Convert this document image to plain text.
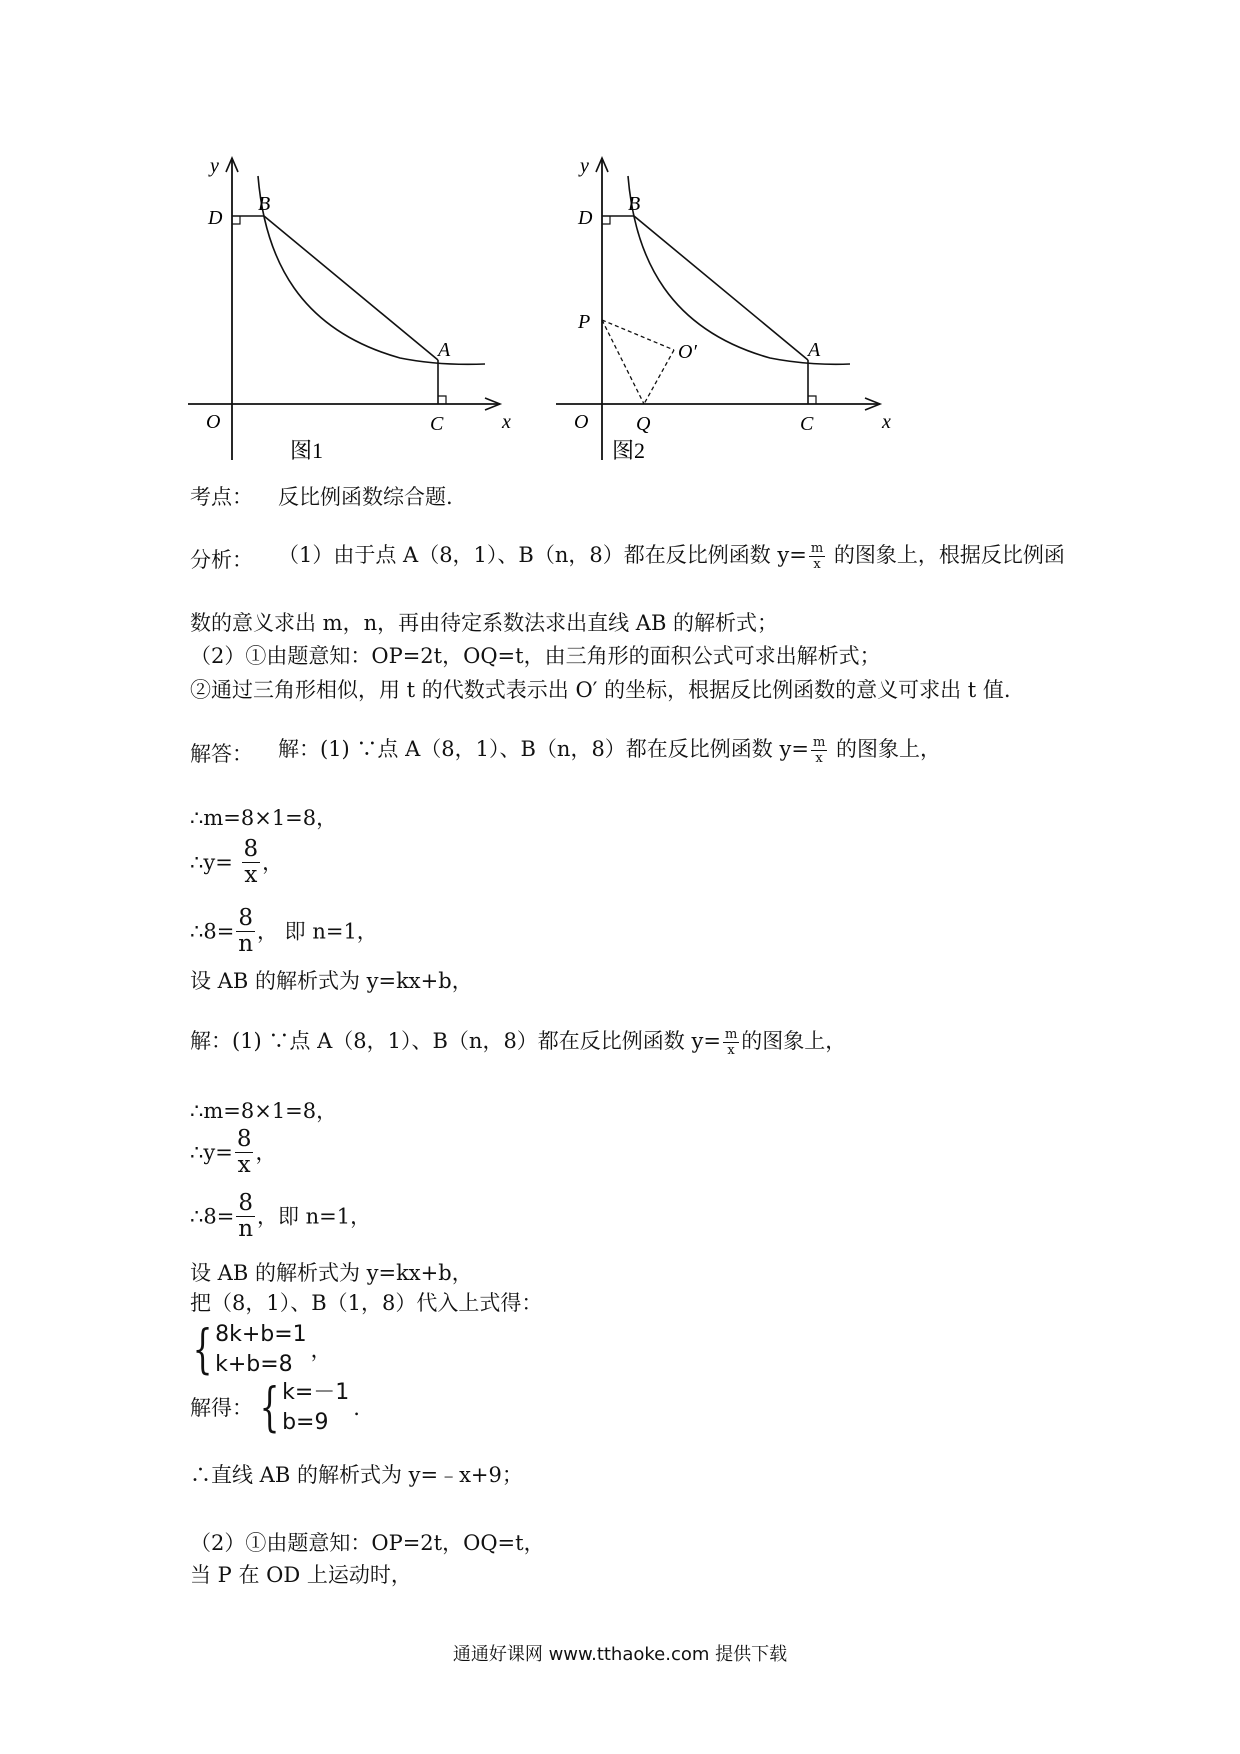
y
D
B
A
O	C	x
图1
y
D
B
P
O′	A
O Q	C	x
图2
考点： 反比例函数综合题.
分析： （1）由于点 A（8，1）、B（n，8）都在反比例函数 $y= \frac{m}{x}$ 的图象上，根据反比例函
数的意义求出 m，n，再由待定系数法求出直线 AB 的解析式；
（2）①由题意知：OP=2t，OQ=t，由三角形的面积公式可求出解析式；
②通过三角形相似，用 t 的代数式表示出 O′ 的坐标，根据反比例函数的意义可求出 t 值.
解答： 解：(1) ∵点 A（8，1）、B（n，8）都在反比例函数 $y= \frac{m}{x}$ 的图象上，
∴m=8×1=8，
∴y= $\frac{8}{x}$ ，
∴8= $\frac{8}{n}$ ， 即 n=1，
设 AB 的解析式为 y=kx+b，
解：(1) ∵点 A（8，1）、B（n，8）都在反比例函数 $y= \frac{m}{x}$ 的图象上，
∴m=8×1=8，
∴y= $\frac{8}{x}$ ，
∴8= $\frac{8}{n}$ ，即 n=1，
设 AB 的解析式为 y=kx+b，
把（8，1）、B（1，8）代入上式得：
{ 8k+b=1
k+b=8
，
解得： { k=－1
b=9
.
∴直线 AB 的解析式为 y=﹣x+9；
（2）①由题意知：OP=2t，OQ=t，
当 P 在 OD 上运动时，
通通好课网 www.tthaoke.com 提供下载
